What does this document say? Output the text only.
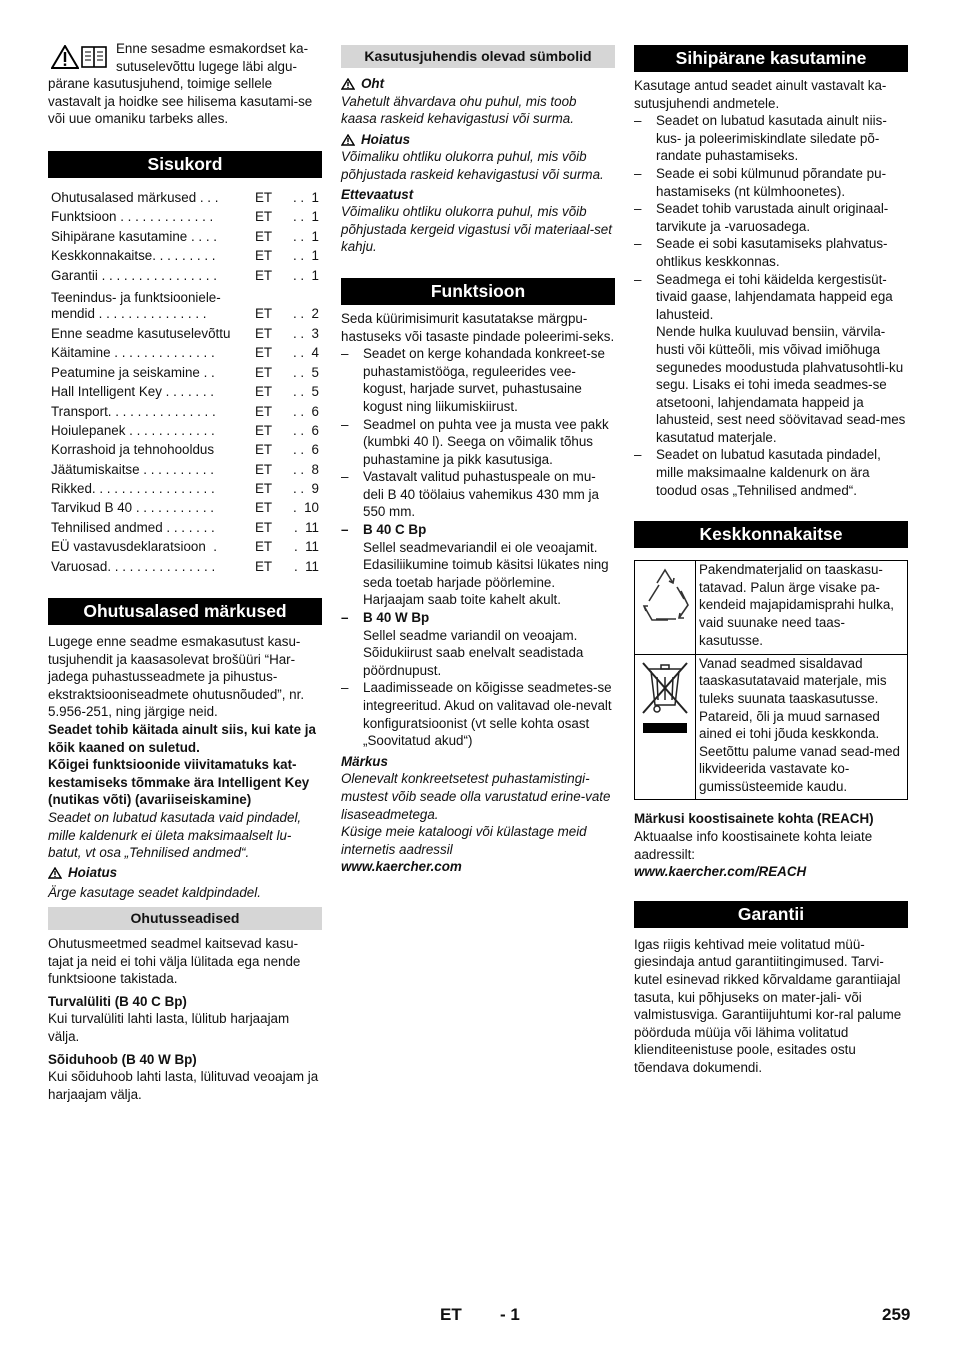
Enne sesadme esmakordset ka-

sutuselevõttu lugege läbi algu-

pärane kasutusjuhend, toimige sellele vastavalt ja hoidke see hilisema kasutami-se või uue omaniku tarbeks alles.

Sisukord
Ohutusalased märkused . . .	ET	. .  1
Funktsioon . . . . . . . . . . . . .	ET	. .  1
Sihipärane kasutamine . . . .	ET	. .  1
Keskkonnakaitse. . . . . . . . .	ET	. .  1
Garantii . . . . . . . . . . . . . . . .	ET	. .  1
Teenindus- ja funktsiooniele-mendid . . . . . . . . . . . . . . .	ET	. .  2
Enne seadme kasutuselevõttu	ET	. .  3
Käitamine . . . . . . . . . . . . . .	ET	. .  4
Peatumine ja seiskamine . .	ET	. .  5
Hall Intelligent Key . . . . . . .	ET	. .  5
Transport. . . . . . . . . . . . . . .	ET	. .  6
Hoiulepanek . . . . . . . . . . . .	ET	. .  6
Korrashoid ja tehnohooldus	ET	. .  6
Jäätumiskaitse . . . . . . . . . .	ET	. .  8
Rikked. . . . . . . . . . . . . . . . .	ET	. .  9
Tarvikud B 40 . . . . . . . . . . .	ET	.  10
Tehnilised andmed . . . . . . .	ET	.  11
EÜ vastavusdeklaratsioon  .	ET	.  11
Varuosad. . . . . . . . . . . . . . .	ET	.  11
Ohutusalased märkused

Lugege enne seadme esmakasutust kasu-tusjuhendit ja kaasasolevat brošüüri “Har-jadega puhastusseadmete ja pihustus-ekstraktsiooniseadmete ohutusnõuded”, nr. 5.956-251, ning järgige neid.

Seadet tohib käitada ainult siis, kui kate ja kõik kaaned on suletud.

Kõigei funktsioonide viivitamatuks kat-kestamiseks tõmmake ära Intelligent Key (nutikas võti) (avariiseiskamine)

Seadet on lubatud kasutada vaid pindadel, mille kaldenurk ei ületa maksimaalselt lu-batut, vt osa „Tehnilised andmed“.

Hoiatus

Ärge kasutage seadet kaldpindadel.

Ohutusseadised

Ohutusmeetmed seadmel kaitsevad kasu-tajat ja neid ei tohi välja lülitada ega nende funktsioone takistada.

Turvalüliti (B 40 C Bp)

Kui turvalüliti lahti lasta, lülitub harjaajam välja.

Sõiduhoob (B 40 W Bp)

Kui sõiduhoob lahti lasta, lülituvad veoajam ja harjaajam välja.

Kasutusjuhendis olevad sümbolid

Oht

Vahetult ähvardava ohu puhul, mis toob kaasa raskeid kehavigastusi või surma.

Hoiatus

Võimaliku ohtliku olukorra puhul, mis võib põhjustada raskeid kehavigastusi või surma.

Ettevaatust

Võimaliku ohtliku olukorra puhul, mis võib põhjustada kergeid vigastusi või materiaal-set kahju.

Funktsioon

Seda küürimisimurit kasutatakse märgpu-hastuseks või tasaste pindade poleerimi-seks.

– Seadet on kerge kohandada konkreet-se puhastamistööga, reguleerides vee-kogust, harjade survet, puhastusaine kogust ning liikumiskiirust.

– Seadmel on puhta vee ja musta vee pakk (kumbki 40 l). Seega on võimalik tõhus puhastamine ja pikk kasutusiga.

– Vastavalt valitud puhastuspeale on mu-deli B 40 töölaius vahemikus 430 mm ja 550 mm.

– B 40 C Bp

Sellel seadmevariandil ei ole veoajamit. Edasiliikumine toimub käsitsi lükates ning seda toetab harjade pöörlemine. Harjaajam saab toite kahelt akult.

– B 40 W Bp

Sellel seadme variandil on veoajam. Sõidukiirust saab enelvalt seadistada pöördnupust.

– Laadimisseade on kõigisse seadmetes-se integreeritud. Akud on valitavad ole-nevalt konfiguratsioonist (vt selle kohta osast „Soovitatud akud“)

Märkus

Olenevalt konkreetsetest puhastamistingi-mustest võib seade olla varustatud erine-vate lisaseadmetega.

Küsige meie kataloogi või külastage meid internetis aadressil

www.kaercher.com

Sihipärane kasutamine

Kasutage antud seadet ainult vastavalt ka-sutusjuhendi andmetele.

– Seadet on lubatud kasutada ainult niis-kus- ja poleerimiskindlate siledate põ-randate puhastamiseks.

– Seade ei sobi külmunud põrandate pu-hastamiseks (nt külmhoonetes).

– Seadet tohib varustada ainult originaal-tarvikute ja -varuosadega.

– Seade ei sobi kasutamiseks plahvatus-ohtlikus keskkonnas.

– Seadmega ei tohi käidelda kergestisüt-tivaid gaase, lahjendamata happeid ega lahusteid.

Nende hulka kuuluvad bensiin, värvila-husti või kütteõli, mis võivad imiõhuga segunedes moodustuda plahvatusohtli-ku segu. Lisaks ei tohi imeda seadmes-se atsetooni, lahjendamata happeid ja lahusteid, sest need söövitavad sead-mes kasutatud materjale.

– Seadet on lubatud kasutada pindadel, mille maksimaalne kaldenurk on ära toodud osas „Tehnilised andmed“.

Keskkonnakaitse
	Pakendmaterjalid on taaskasu-tatavad. Palun ärge visake pa-kendeid majapidamisprahi hulka, vaid suunake need taas-kasutusse.
	Vanad seadmed sisaldavad taaskasutatavaid materjale, mis tuleks suunata taaskasutusse. Patareid, õli ja muud sarnased ained ei tohi jõuda keskkonda. Seetõttu palume vanad sead-med likvideerida vastavate ko-gumissüsteemide kaudu.

Märkusi koostisainete kohta (REACH)

Aktuaalse info koostisainete kohta leiate aadressilt:

www.kaercher.com/REACH

Garantii

Igas riigis kehtivad meie volitatud müü-giesindaja antud garantiitingimused. Tarvi-kutel esinevad rikked kõrvaldame garantiiajal tasuta, kui põhjuseks on mater-jali- või valmistusviga. Garantiijuhtumi kor-ral palume pöörduda müüja või lähima volitatud klienditeenistuse poole, esitades ostu tõendava dokumendi.

ET - 1	259
